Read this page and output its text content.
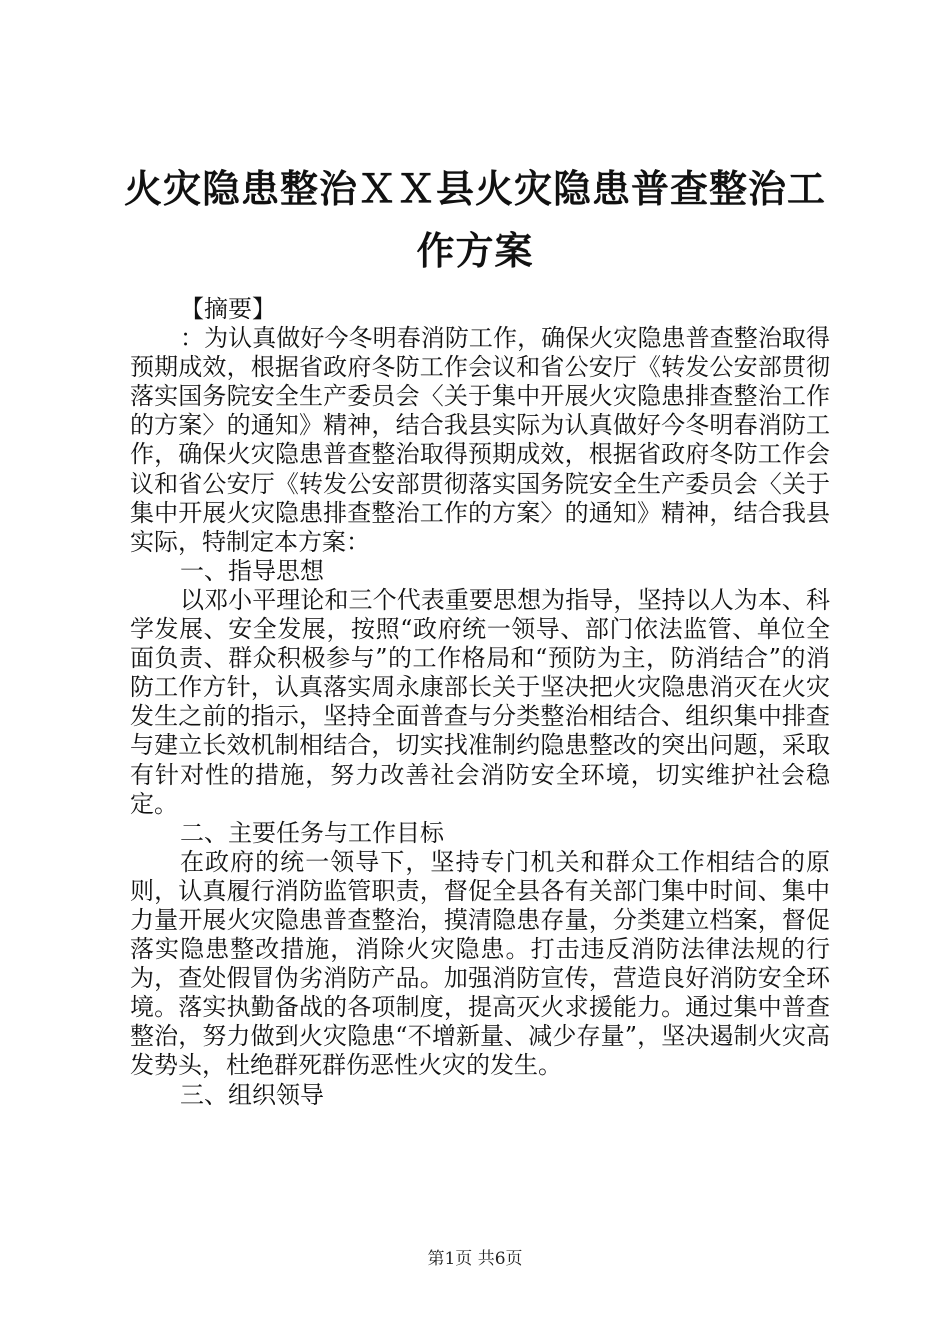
火灾隐患整治ＸＸ县火灾隐患普查整治工作方案

【摘要】

：为认真做好今冬明春消防工作，确保火灾隐患普查整治取得预期成效，根据省政府冬防工作会议和省公安厅《转发公安部贯彻落实国务院安全生产委员会〈关于集中开展火灾隐患排查整治工作的方案〉的通知》精神，结合我县实际为认真做好今冬明春消防工作，确保火灾隐患普查整治取得预期成效，根据省政府冬防工作会议和省公安厅《转发公安部贯彻落实国务院安全生产委员会〈关于集中开展火灾隐患排查整治工作的方案〉的通知》精神，结合我县实际，特制定本方案：

一、指导思想

以邓小平理论和三个代表重要思想为指导，坚持以人为本、科学发展、安全发展，按照“政府统一领导、部门依法监管、单位全面负责、群众积极参与”的工作格局和“预防为主，防消结合”的消防工作方针，认真落实周永康部长关于坚决把火灾隐患消灭在火灾发生之前的指示，坚持全面普查与分类整治相结合、组织集中排查与建立长效机制相结合，切实找准制约隐患整改的突出问题，采取有针对性的措施，努力改善社会消防安全环境，切实维护社会稳定。

二、主要任务与工作目标

在政府的统一领导下，坚持专门机关和群众工作相结合的原则，认真履行消防监管职责，督促全县各有关部门集中时间、集中力量开展火灾隐患普查整治，摸清隐患存量，分类建立档案，督促落实隐患整改措施，消除火灾隐患。打击违反消防法律法规的行为，查处假冒伪劣消防产品。加强消防宣传，营造良好消防安全环境。落实执勤备战的各项制度，提高灭火求援能力。通过集中普查整治，努力做到火灾隐患“不增新量、减少存量”，坚决遏制火灾高发势头，杜绝群死群伤恶性火灾的发生。

三、组织领导

第1页 共6页
